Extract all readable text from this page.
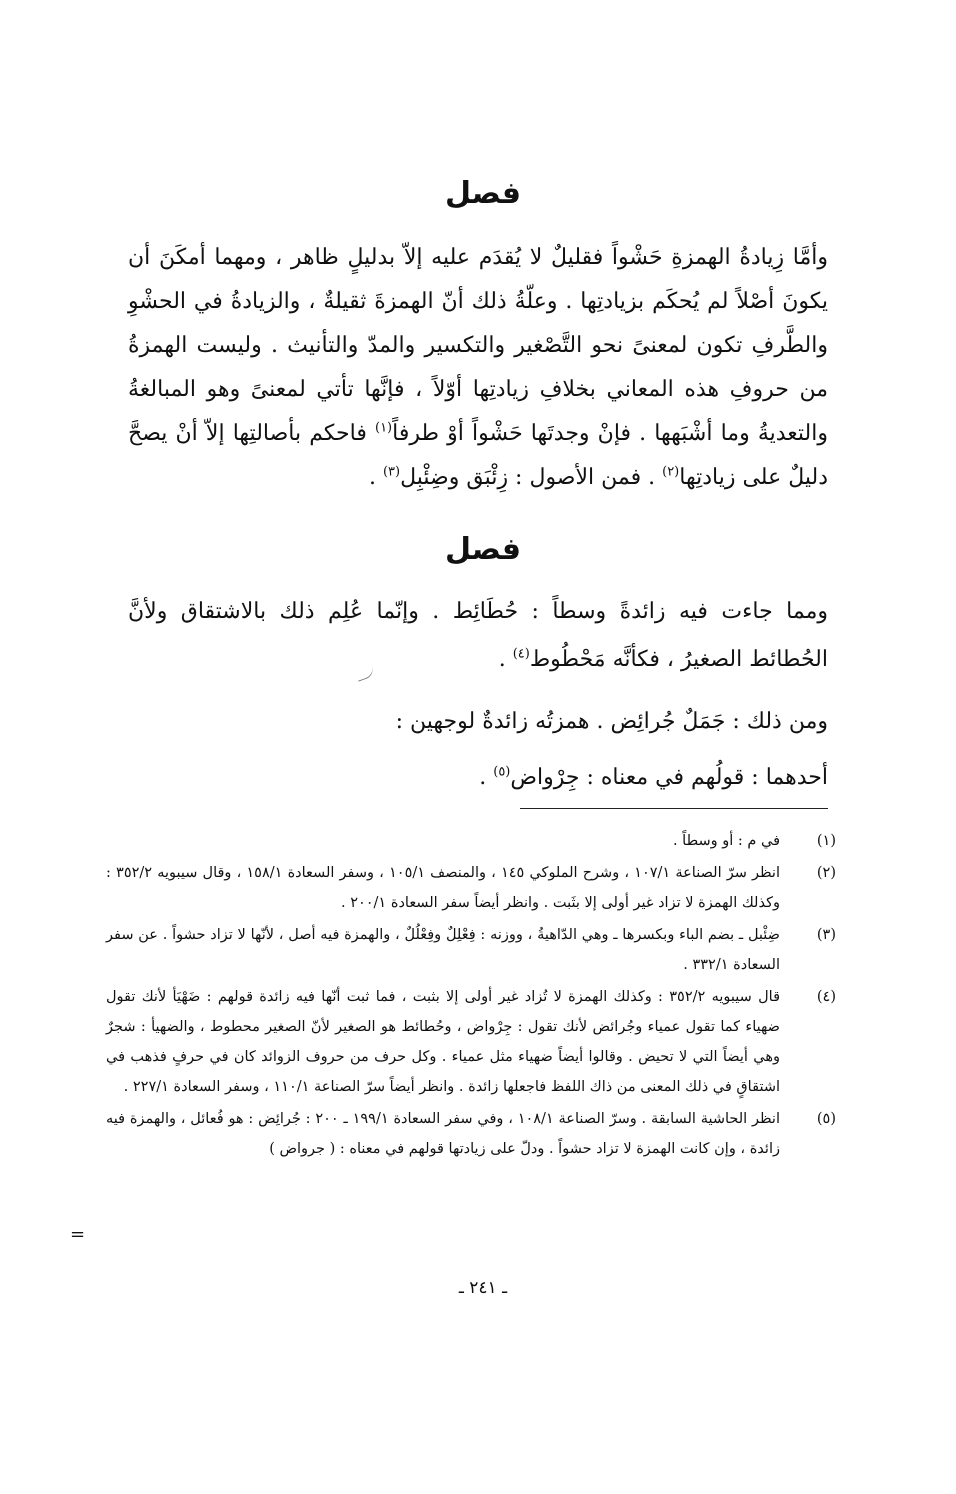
فصل
وأمَّا زِيادةُ الهمزةِ حَشْواً فقليلٌ لا يُقدَم عليه إلاّ بدليلٍ ظاهر ، ومهما أمكَنَ أن يكونَ أصْلاً لم يُحكَم بزيادتِها . وعلّةُ ذلك أنّ الهمزةَ ثقيلةٌ ، والزيادةُ في الحشْوِ والطَّرفِ تكون لمعنىً نحو التَّصْغير والتكسير والمدّ والتأنيث . وليست الهمزةُ من حروفِ هذه المعاني بخلافِ زيادتِها أوّلاً ، فإنَّها تأتي لمعنىً وهو المبالغةُ والتعديةُ وما أشْبَهها . فإنْ وجدتَها حَشْواً أوْ طرفاً$^{(١)}$ فاحكم بأصالتِها إلاّ أنْ يصحَّ دليلٌ على زيادتِها$^{(٢)}$ . فمن الأصول : زِئْبَق وضِئْبِل$^{(٣)}$ .
فصل
ومما جاءت فيه زائدةً وسطاً : حُطَائِط . وإنّما عُلِم ذلك بالاشتقاق ولأنَّ الحُطائط الصغيرُ ، فكأنَّه مَحْطُوط$^{(٤)}$ .
ومن ذلك : جَمَلٌ جُرائِض . همزتُه زائدةٌ لوجهين :
أحدهما : قولُهم في معناه : جِرْواض$^{(٥)}$ .
(١)
في م : أو وسطاً .
(٢)
انظر سرّ الصناعة ١٠٧/١ ، وشرح الملوكي ١٤٥ ، والمنصف ١٠٥/١ ، وسفر السعادة ١٥٨/١ ، وقال سيبويه ٣٥٢/٢ : وكذلك الهمزة لا تزاد غير أولى إلا بثَبت . وانظر أيضاً سفر السعادة ٢٠٠/١ .
(٣)
ضِئْبل ـ بضم الباء وبكسرها ـ وهي الدّاهيةُ ، ووزنه : فِعْلِلٌ وفِعْلُلٌ ، والهمزة فيه أصل ، لأنّها لا تزاد حشواً . عن سفر السعادة ٣٣٢/١ .
(٤)
قال سيبويه ٣٥٢/٢ : وكذلك الهمزة لا تُزاد غير أولى إلا بثبت ، فما ثبت أنّها فيه زائدة قولهم : ضَهْيَأ لأنك تقول ضهياء كما تقول عمياء وجُرائض لأنك تقول : جِرْواض ، وحُطائط هو الصغير لأنّ الصغير محطوط ، والضهيأ : شجرٌ وهي أيضاً التي لا تحيض . وقالوا أيضاً ضهياء مثل عمياء . وكل حرف من حروف الزوائد كان في حرفٍ فذهب في اشتقاقٍ في ذلك المعنى من ذاك اللفظ فاجعلها زائدة . وانظر أيضاً سرّ الصناعة ١١٠/١ ، وسفر السعادة ٢٢٧/١ .
(٥)
انظر الحاشية السابقة . وسرّ الصناعة ١٠٨/١ ، وفي سفر السعادة ١٩٩/١ ـ ٢٠٠ : جُرائِض : هو فُعائل ، والهمزة فيه زائدة ، وإن كانت الهمزة لا تزاد حشواً . ودلّ على زيادتها قولهم في معناه : ( جرواض )
=
ـ ٢٤١ ـ
